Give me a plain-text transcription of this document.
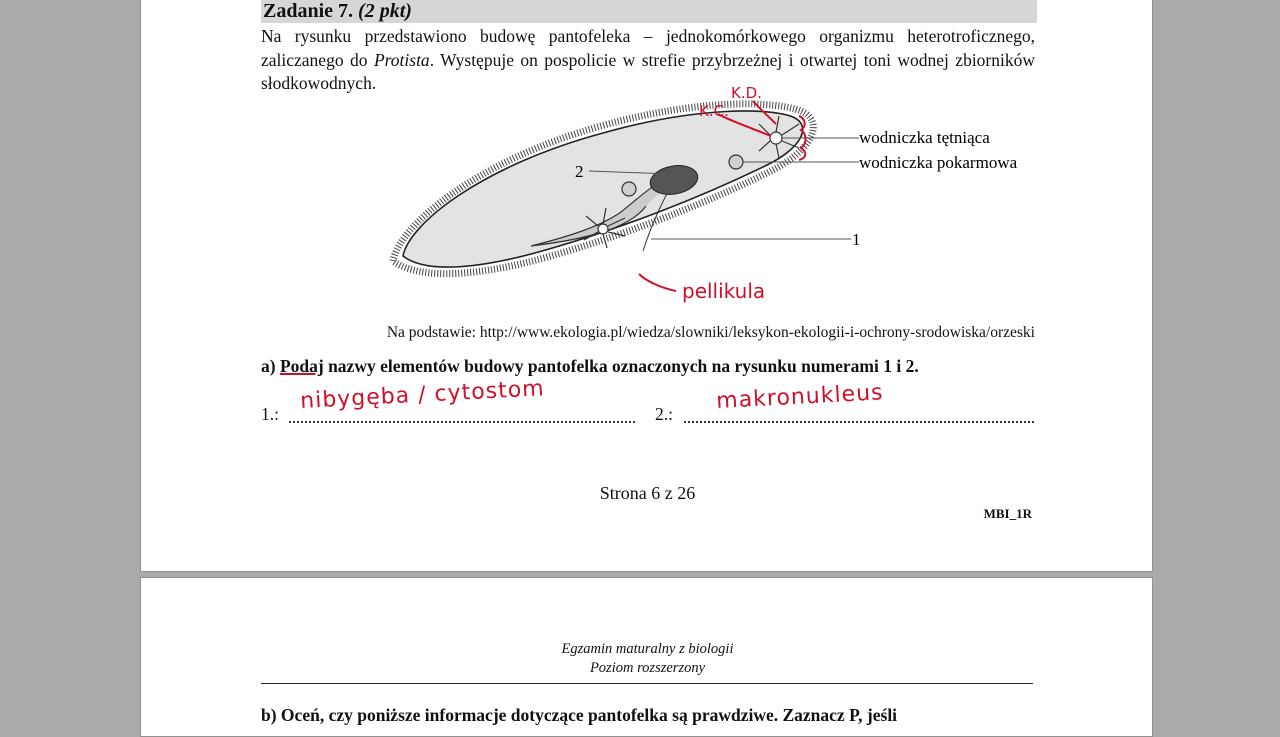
Zadanie 7. (2 pkt)

Na rysunku przedstawiono budowę pantofeleka – jednokomórkowego organizmu heterotroficznego, zaliczanego do Protista. Występuje on pospolicie w strefie przybrzeżnej i otwartej toni wodnej zbiorników słodkowodnych.

wodniczka tętniąca
wodniczka pokarmowa
2
1
K.C.
K.D.
pellikula
Na podstawie: http://www.ekologia.pl/wiedza/slowniki/leksykon-ekologii-i-ochrony-srodowiska/orzeski
a) Podaj nazwy elementów budowy pantofelka oznaczonych na rysunku numerami 1 i 2.
1.: nibygęba / cytostom	2.: makronukleus
Strona 6 z 26
MBI_1R
Egzamin maturalny z biologii
Poziom rozszerzony
b) Oceń, czy poniższe informacje dotyczące pantofelka są prawdziwe. Zaznacz P, jeśli
